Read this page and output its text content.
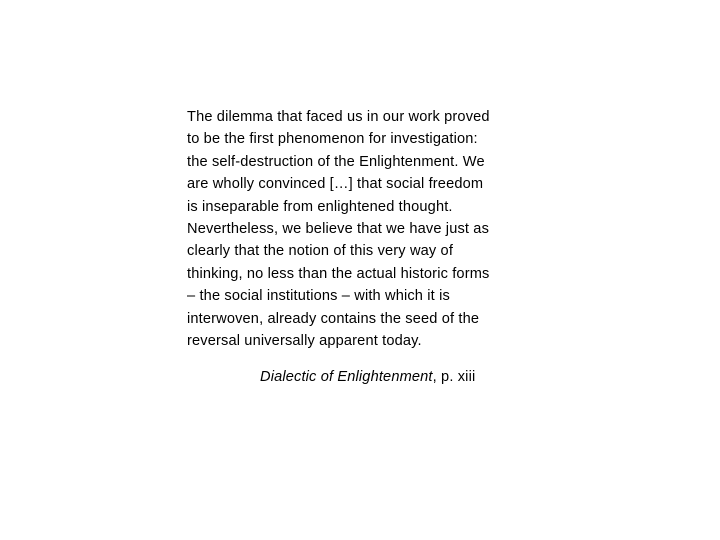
The dilemma that faced us in our work proved
to be the first phenomenon for investigation:
the self-destruction of the Enlightenment. We
are wholly convinced […] that social freedom
is inseparable from enlightened thought.
Nevertheless, we believe that we have just as
clearly that the notion of this very way of
thinking, no less than the actual historic forms
– the social institutions – with which it is
interwoven, already contains the seed of the
reversal universally apparent today.
Dialectic of Enlightenment, p. xiii
